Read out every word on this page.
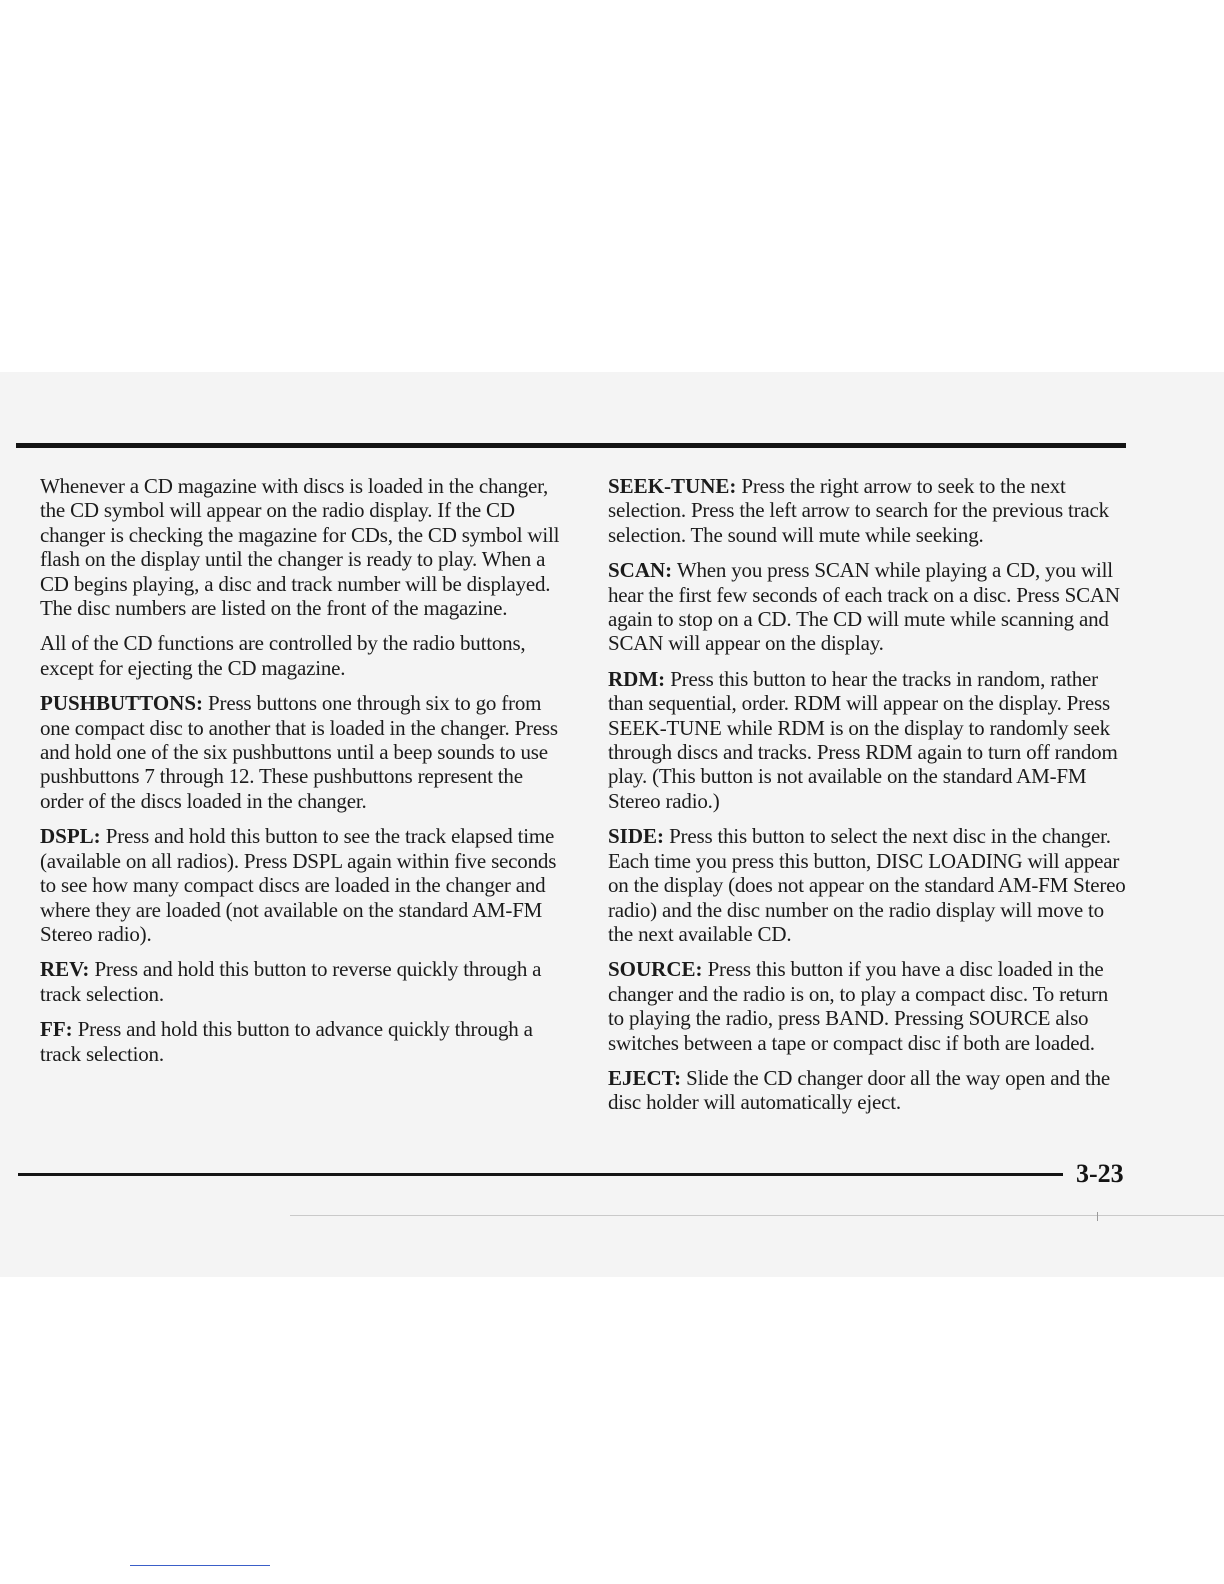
Whenever a CD magazine with discs is loaded in the changer, the CD symbol will appear on the radio display. If the CD changer is checking the magazine for CDs, the CD symbol will flash on the display until the changer is ready to play. When a CD begins playing, a disc and track number will be displayed. The disc numbers are listed on the front of the magazine.

All of the CD functions are controlled by the radio buttons, except for ejecting the CD magazine.

PUSHBUTTONS: Press buttons one through six to go from one compact disc to another that is loaded in the changer. Press and hold one of the six pushbuttons until a beep sounds to use pushbuttons 7 through 12. These pushbuttons represent the order of the discs loaded in the changer.

DSPL: Press and hold this button to see the track elapsed time (available on all radios). Press DSPL again within five seconds to see how many compact discs are loaded in the changer and where they are loaded (not available on the standard AM-FM Stereo radio).

REV: Press and hold this button to reverse quickly through a track selection.

FF: Press and hold this button to advance quickly through a track selection.

SEEK-TUNE: Press the right arrow to seek to the next selection. Press the left arrow to search for the previous track selection. The sound will mute while seeking.

SCAN: When you press SCAN while playing a CD, you will hear the first few seconds of each track on a disc. Press SCAN again to stop on a CD. The CD will mute while scanning and SCAN will appear on the display.

RDM: Press this button to hear the tracks in random, rather than sequential, order. RDM will appear on the display. Press SEEK-TUNE while RDM is on the display to randomly seek through discs and tracks. Press RDM again to turn off random play. (This button is not available on the standard AM-FM Stereo radio.)

SIDE: Press this button to select the next disc in the changer. Each time you press this button, DISC LOADING will appear on the display (does not appear on the standard AM-FM Stereo radio) and the disc number on the radio display will move to the next available CD.

SOURCE: Press this button if you have a disc loaded in the changer and the radio is on, to play a compact disc. To return to playing the radio, press BAND. Pressing SOURCE also switches between a tape or compact disc if both are loaded.

EJECT: Slide the CD changer door all the way open and the disc holder will automatically eject.

3-23
